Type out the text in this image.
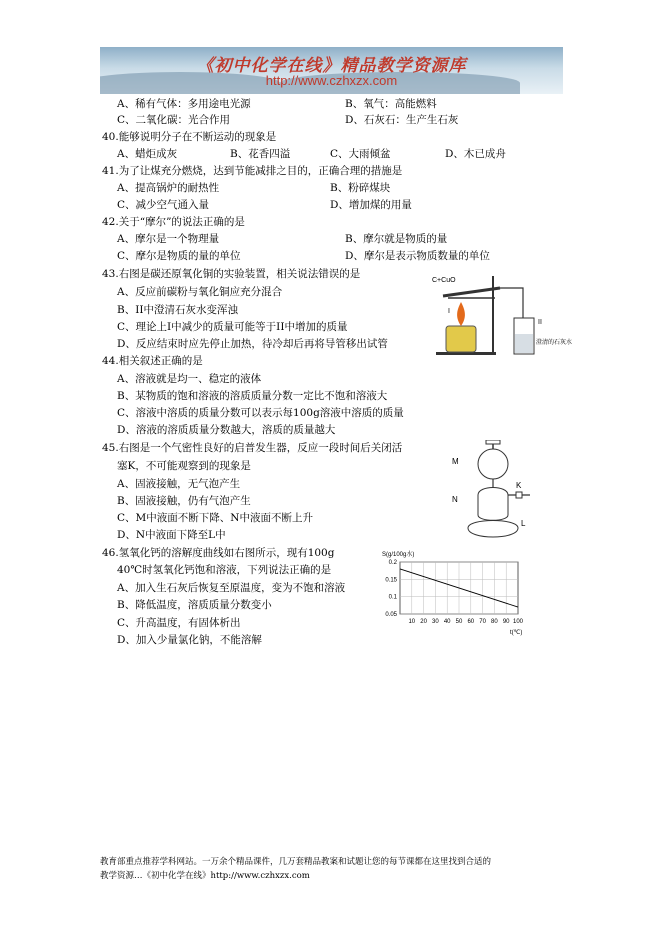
《初中化学在线》精品教学资源库
http://www.czhxzx.com
A、稀有气体：多用途电光源	B、氧气：高能燃料
C、二氧化碳：光合作用	D、石灰石：生产生石灰
40.能够说明分子在不断运动的现象是
A、蜡炬成灰	B、花香四溢	C、大雨倾盆	D、木已成舟
41.为了让煤充分燃烧，达到节能减排之目的，正确合理的措施是
A、提高锅炉的耐热性	B、粉碎煤块
C、减少空气通入量	D、增加煤的用量
42.关于“摩尔”的说法正确的是
A、摩尔是一个物理量	B、摩尔就是物质的量
C、摩尔是物质的量的单位	D、摩尔是表示物质数量的单位
43.右图是碳还原氧化铜的实验装置，相关说法错误的是
A、反应前碳粉与氧化铜应充分混合
B、II中澄清石灰水变浑浊
C、理论上I中减少的质量可能等于II中增加的质量
D、反应结束时应先停止加热，待冷却后再将导管移出试管
C+CuO
I
II
澄清的石灰水
44.相关叙述正确的是
A、溶液就是均一、稳定的液体
B、某物质的饱和溶液的溶质质量分数一定比不饱和溶液大
C、溶液中溶质的质量分数可以表示每100g溶液中溶质的质量
D、溶液的溶质质量分数越大，溶质的质量越大
45.右图是一个气密性良好的启普发生器，反应一段时间后关闭活
塞K，不可能观察到的现象是
A、固液接触，无气泡产生
B、固液接触，仍有气泡产生
C、M中液面不断下降、N中液面不断上升
D、N中液面下降至L中
M
N
K
L
46.氢氧化钙的溶解度曲线如右图所示，现有100g
40℃时氢氧化钙饱和溶液，下列说法正确的是
A、加入生石灰后恢复至原温度，变为不饱和溶液
B、降低温度，溶质质量分数变小
C、升高温度，有固体析出
D、加入少量氯化钠，不能溶解
S(g/100g水)
t(℃)
0.2
0.15
0.1
0.05
10 20 30 40 50 60 70 80 90 100
教育部重点推荐学科网站。一万余个精品课件，几万套精品教案和试题让您的每节课都在这里找到合适的
教学资源…《初中化学在线》http://www.czhxzx.com
